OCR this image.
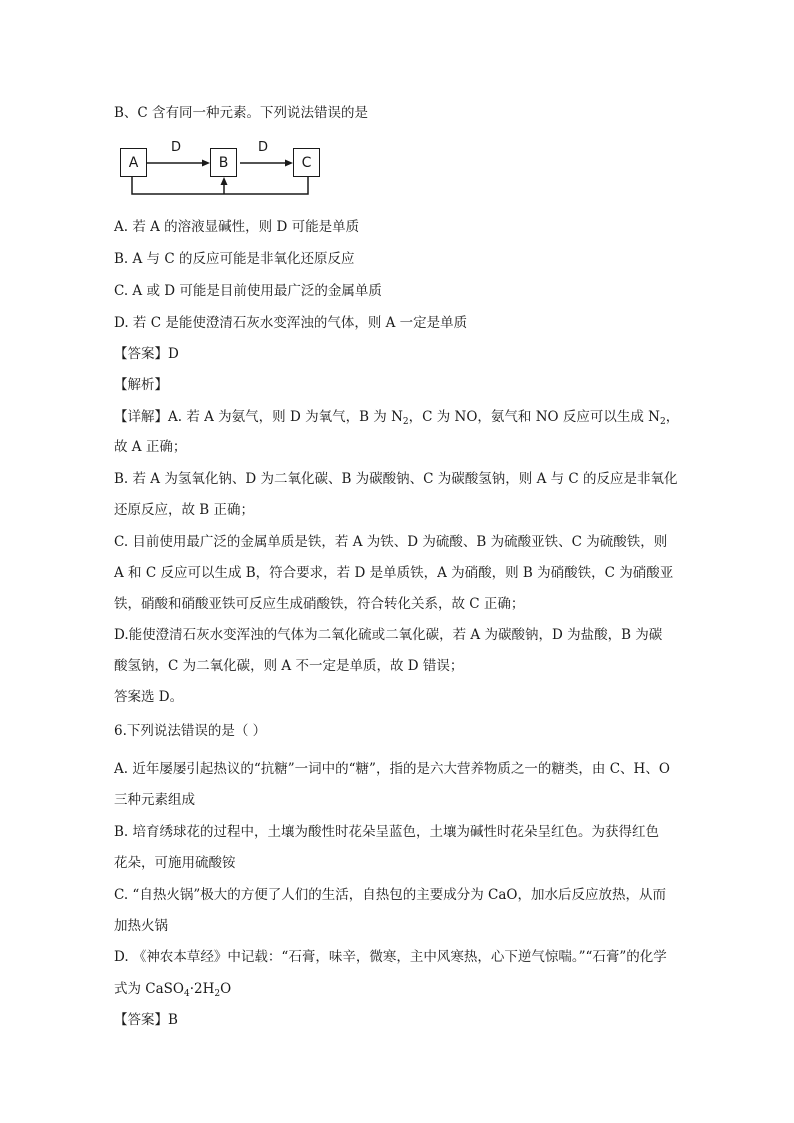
B、C 含有同一种元素。下列说法错误的是
A	B	C
D	D
A. 若 A 的溶液显碱性，则 D 可能是单质
B. A 与 C 的反应可能是非氧化还原反应
C. A 或 D 可能是目前使用最广泛的金属单质
D. 若 C 是能使澄清石灰水变浑浊的气体，则 A 一定是单质
【答案】D
【解析】
【详解】A. 若 A 为氨气，则 D 为氧气，B 为 $N_2$，C 为 NO，氨气和 NO 反应可以生成 $N_2$，
故 A 正确；
B. 若 A 为氢氧化钠、D 为二氧化碳、B 为碳酸钠、C 为碳酸氢钠，则 A 与 C 的反应是非氧化
还原反应，故 B 正确；
C. 目前使用最广泛的金属单质是铁，若 A 为铁、D 为硫酸、B 为硫酸亚铁、C 为硫酸铁，则
A 和 C 反应可以生成 B，符合要求，若 D 是单质铁，A 为硝酸，则 B 为硝酸铁，C 为硝酸亚
铁，硝酸和硝酸亚铁可反应生成硝酸铁，符合转化关系，故 C 正确；
D.能使澄清石灰水变浑浊的气体为二氧化硫或二氧化碳，若 A 为碳酸钠，D 为盐酸，B 为碳
酸氢钠，C 为二氧化碳，则 A 不一定是单质，故 D 错误；
答案选 D。
6.下列说法错误的是（ ）
A. 近年屡屡引起热议的“抗糖”一词中的“糖”，指的是六大营养物质之一的糖类，由 C、H、O
三种元素组成
B. 培育绣球花的过程中，土壤为酸性时花朵呈蓝色，土壤为碱性时花朵呈红色。为获得红色
花朵，可施用硫酸铵
C. “自热火锅”极大的方便了人们的生活，自热包的主要成分为 CaO，加水后反应放热，从而
加热火锅
D. 《神农本草经》中记载：“石膏，味辛，微寒，主中风寒热，心下逆气惊喘。”“石膏”的化学
式为 $CaSO_4\cdot 2H_2O$
【答案】B
